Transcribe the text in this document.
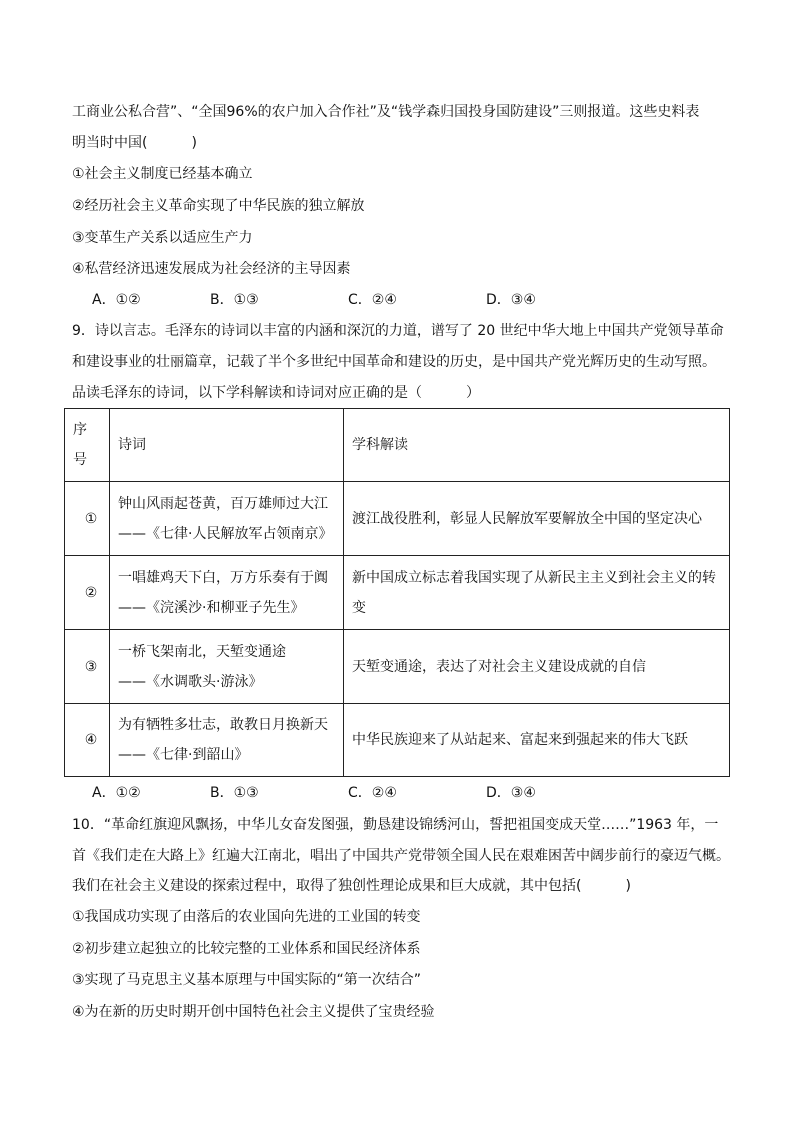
工商业公私合营”、“全国96%的农户加入合作社”及“钱学森归国投身国防建设”三则报道。这些史料表
明当时中国(	)
①社会主义制度已经基本确立
②经历社会主义革命实现了中华民族的独立解放
③变革生产关系以适应生产力
④私营经济迅速发展成为社会经济的主导因素
A．①②	B．①③	C．②④	D．③④
9．诗以言志。毛泽东的诗词以丰富的内涵和深沉的力道，谱写了 20 世纪中华大地上中国共产党领导革命
和建设事业的壮丽篇章，记载了半个多世纪中国革命和建设的历史，是中国共产党光辉历史的生动写照。
品读毛泽东的诗词，以下学科解读和诗词对应正确的是（	）
序
号	诗词	学科解读
①	钟山风雨起苍黄，百万雄师过大江
——《七律·人民解放军占领南京》	渡江战役胜利，彰显人民解放军要解放全中国的坚定决心
②	一唱雄鸡天下白，万方乐奏有于阗
——《浣溪沙·和柳亚子先生》	新中国成立标志着我国实现了从新民主主义到社会主义的转
变

③	一桥飞架南北，天堑变通途
——《水调歌头·游泳》	天堑变通途，表达了对社会主义建设成就的自信
④	为有牺牲多壮志，敢教日月换新天
——《七律·到韶山》	中华民族迎来了从站起来、富起来到强起来的伟大飞跃
A．①②	B．①③	C．②④	D．③④
10．“革命红旗迎风飘扬，中华儿女奋发图强，勤恳建设锦绣河山，誓把祖国变成天堂……”1963 年，一
首《我们走在大路上》红遍大江南北，唱出了中国共产党带领全国人民在艰难困苦中阔步前行的豪迈气概。
我们在社会主义建设的探索过程中，取得了独创性理论成果和巨大成就，其中包括(	)
①我国成功实现了由落后的农业国向先进的工业国的转变
②初步建立起独立的比较完整的工业体系和国民经济体系
③实现了马克思主义基本原理与中国实际的“第一次结合”
④为在新的历史时期开创中国特色社会主义提供了宝贵经验
